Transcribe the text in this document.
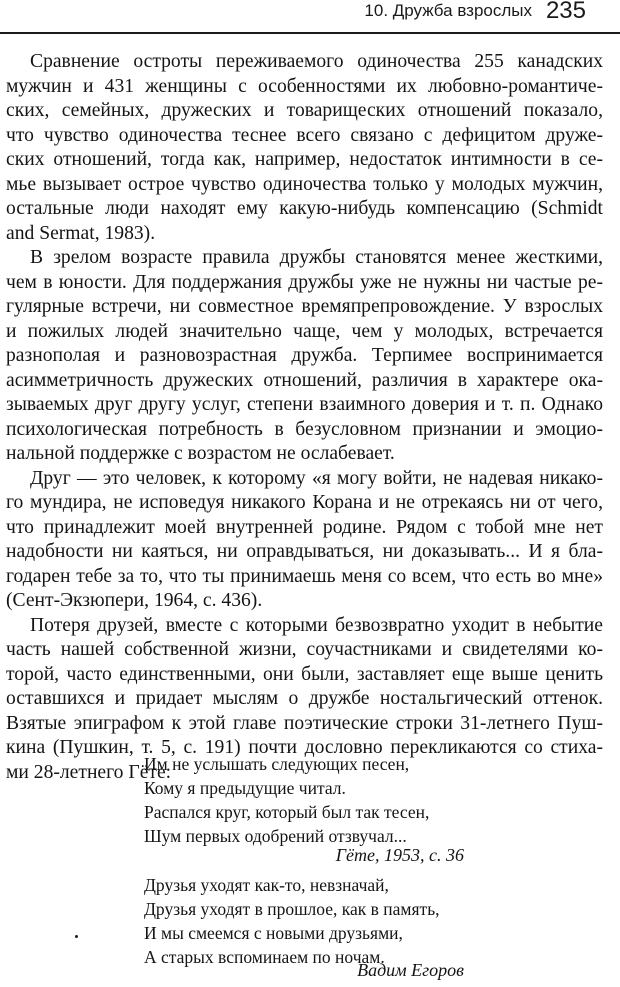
10. Дружба взрослых 235
Сравнение остроты переживаемого одиночества 255 канадских
мужчин и 431 женщины с особенностями их любовно-романтиче-
ских, семейных, дружеских и товарищеских отношений показало,
что чувство одиночества теснее всего связано с дефицитом друже-
ских отношений, тогда как, например, недостаток интимности в се-
мье вызывает острое чувство одиночества только у молодых мужчин,
остальные люди находят ему какую-нибудь компенсацию (Schmidt
and Sermat, 1983).
В зрелом возрасте правила дружбы становятся менее жесткими,
чем в юности. Для поддержания дружбы уже не нужны ни частые ре-
гулярные встречи, ни совместное времяпрепровождение. У взрослых
и пожилых людей значительно чаще, чем у молодых, встречается
разнополая и разновозрастная дружба. Терпимее воспринимается
асимметричность дружеских отношений, различия в характере ока-
зываемых друг другу услуг, степени взаимного доверия и т. п. Однако
психологическая потребность в безусловном признании и эмоцио-
нальной поддержке с возрастом не ослабевает.
Друг — это человек, к которому «я могу войти, не надевая никако-
го мундира, не исповедуя никакого Корана и не отрекаясь ни от чего,
что принадлежит моей внутренней родине. Рядом с тобой мне нет
надобности ни каяться, ни оправдываться, ни доказывать... И я бла-
годарен тебе за то, что ты принимаешь меня со всем, что есть во мне»
(Сент-Экзюпери, 1964, с. 436).
Потеря друзей, вместе с которыми безвозвратно уходит в небытие
часть нашей собственной жизни, соучастниками и свидетелями ко-
торой, часто единственными, они были, заставляет еще выше ценить
оставшихся и придает мыслям о дружбе ностальгический оттенок.
Взятые эпиграфом к этой главе поэтические строки 31-летнего Пуш-
кина (Пушкин, т. 5, с. 191) почти дословно перекликаются со стиха-
ми 28-летнего Гёте:
Им не услышать следующих песен,
Кому я предыдущие читал.
Распался круг, который был так тесен,
Шум первых одобрений отзвучал...
Гёте, 1953, с. 36
Друзья уходят как-то, невзначай,
Друзья уходят в прошлое, как в память,
И мы смеемся с новыми друзьями,
А старых вспоминаем по ночам.
Вадим Егоров
